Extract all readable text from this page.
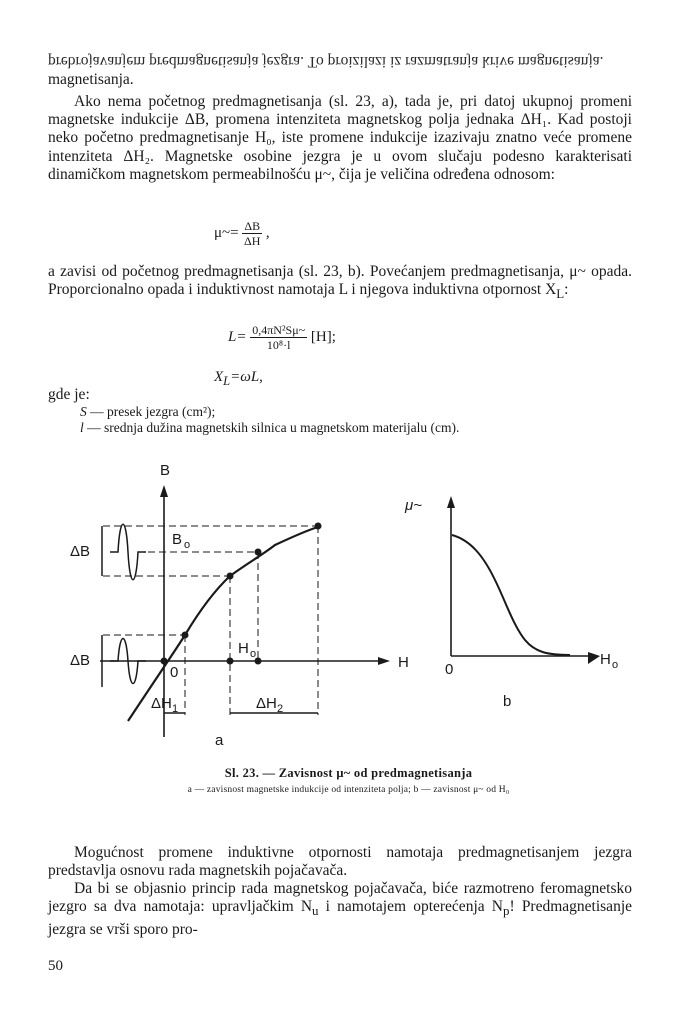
prebrojavanjem predmagnetisanja jezgra. To proizilazi iz razmatranja krive magnetisanja.
magnetisanja.
Ako nema početnog predmagnetisanja (sl. 23, a), tada je, pri datoj ukupnoj promeni magnetske indukcije ΔB, promena intenziteta magnetskog polja jednaka ΔH₁. Kad postoji neko početno predmagnetisanje H₀, iste promene indukcije izazivaju znatno veće promene intenziteta ΔH₂. Magnetske osobine jezgra je u ovom slučaju podesno karakterisati dinamičkom magnetskom permeabilnošću μ~, čija je veličina određena odnosom:
μ~= $\frac{\Delta B}{\Delta H}$ ,
a zavisi od početnog predmagnetisanja (sl. 23, b). Povećanjem predmagnetisanja, μ~ opada. Proporcionalno opada i induktivnost namotaja L i njegova induktivna otpornost $X_L$:
$L= \frac{\text{0,4πN²Sμ\textasciitilde{}}}{\text{10⁸·l}} [H]$;
$X_L=\omega L$,
gde je:
S — presek jezgra (cm²);
l — srednja dužina magnetskih silnica u magnetskom materijalu (cm).
B
H
ΔB
ΔB
B o
H o
0
ΔH 1	ΔH 2
a
μ~
0
H o
b
Sl. 23. — Zavisnost μ~ od predmagnetisanja
a — zavisnost magnetske indukcije od intenziteta polja; b — zavisnost μ~ od H₀
Mogućnost promene induktivne otpornosti namotaja predmagnetisanjem jezgra predstavlja osnovu rada magnetskih pojačavača.
Da bi se objasnio princip rada magnetskog pojačavača, biće razmotreno feromagnetsko jezgro sa dva namotaja: upravljačkim $N_u$ i namotajem opterećenja $N_p$! Predmagnetisanje jezgra se vrši sporo pro-
50
